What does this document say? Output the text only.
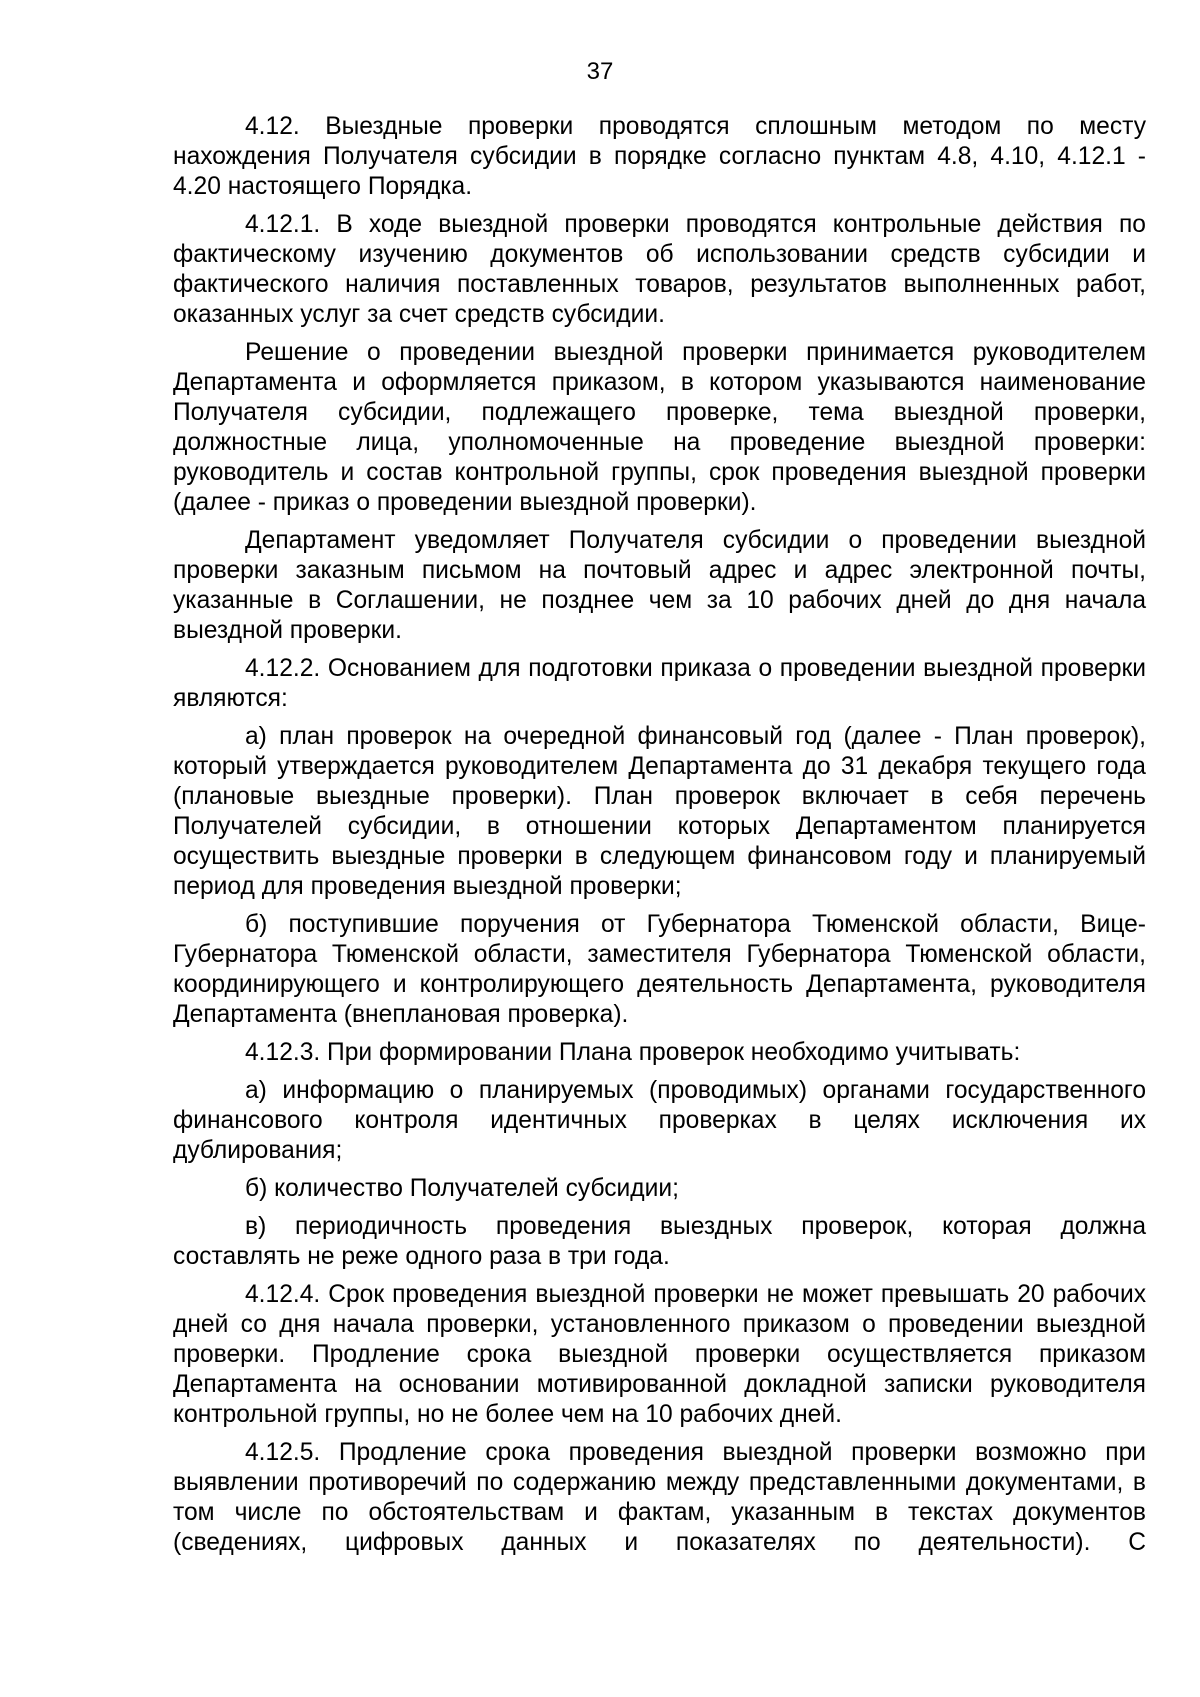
37

4.12. Выездные проверки проводятся сплошным методом по месту нахождения Получателя субсидии в порядке согласно пунктам 4.8, 4.10, 4.12.1 - 4.20 настоящего Порядка.

4.12.1. В ходе выездной проверки проводятся контрольные действия по фактическому изучению документов об использовании средств субсидии и фактического наличия поставленных товаров, результатов выполненных работ, оказанных услуг за счет средств субсидии.

Решение о проведении выездной проверки принимается руководителем Департамента и оформляется приказом, в котором указываются наименование Получателя субсидии, подлежащего проверке, тема выездной проверки, должностные лица, уполномоченные на проведение выездной проверки: руководитель и состав контрольной группы, срок проведения выездной проверки (далее - приказ о проведении выездной проверки).

Департамент уведомляет Получателя субсидии о проведении выездной проверки заказным письмом на почтовый адрес и адрес электронной почты, указанные в Соглашении, не позднее чем за 10 рабочих дней до дня начала выездной проверки.

4.12.2. Основанием для подготовки приказа о проведении выездной проверки являются:

а) план проверок на очередной финансовый год (далее - План проверок), который утверждается руководителем Департамента до 31 декабря текущего года (плановые выездные проверки). План проверок включает в себя перечень Получателей субсидии, в отношении которых Департаментом планируется осуществить выездные проверки в следующем финансовом году и планируемый период для проведения выездной проверки;

б) поступившие поручения от Губернатора Тюменской области, Вице-Губернатора Тюменской области, заместителя Губернатора Тюменской области, координирующего и контролирующего деятельность Департамента, руководителя Департамента (внеплановая проверка).

4.12.3. При формировании Плана проверок необходимо учитывать:

а) информацию о планируемых (проводимых) органами государственного финансового контроля идентичных проверках в целях исключения их дублирования;

б) количество Получателей субсидии;

в) периодичность проведения выездных проверок, которая должна составлять не реже одного раза в три года.

4.12.4. Срок проведения выездной проверки не может превышать 20 рабочих дней со дня начала проверки, установленного приказом о проведении выездной проверки. Продление срока выездной проверки осуществляется приказом Департамента на основании мотивированной докладной записки руководителя контрольной группы, но не более чем на 10 рабочих дней.

4.12.5. Продление срока проведения выездной проверки возможно при выявлении противоречий по содержанию между представленными документами, в том числе по обстоятельствам и фактам, указанным в текстах документов (сведениях, цифровых данных и показателях по деятельности). С
